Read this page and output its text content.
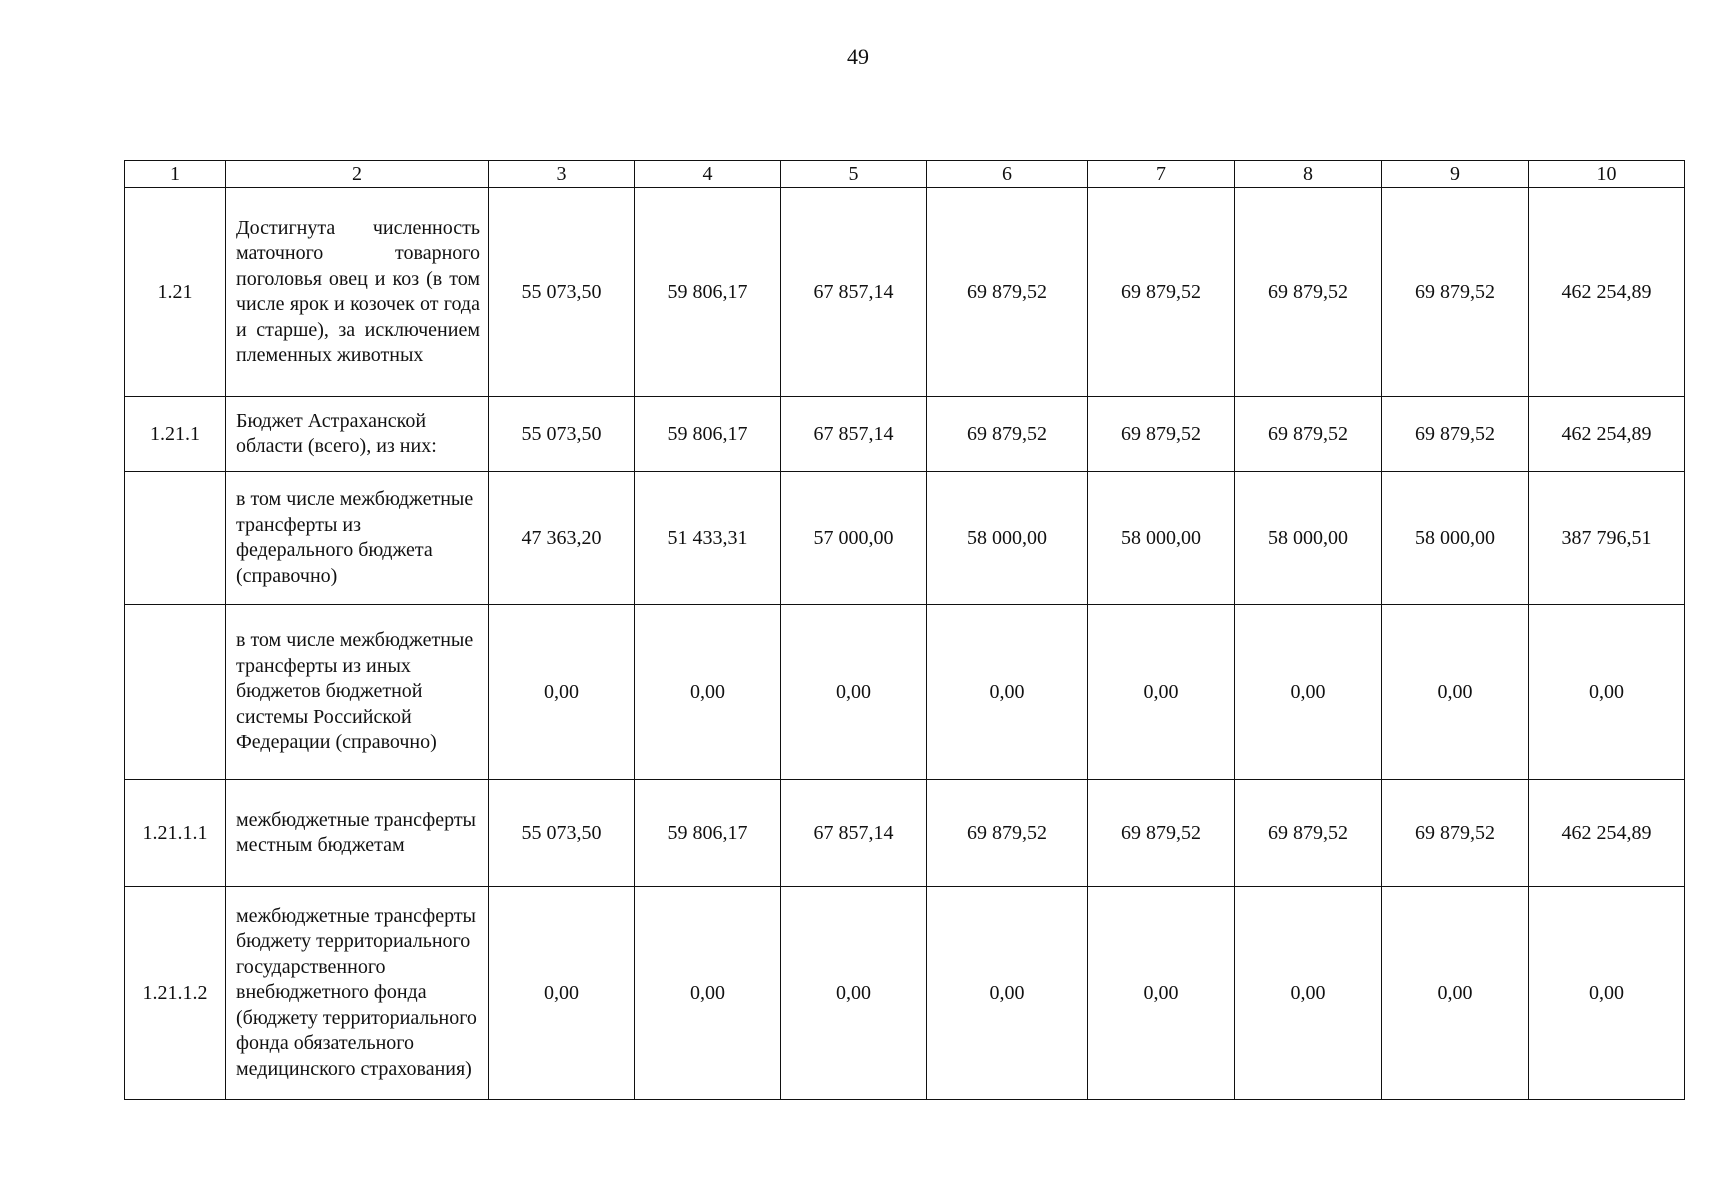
49
1	2	3	4	5	6	7	8	9	10
1.21	Достигнута численность маточного товарного поголовья овец и коз (в том числе ярок и козочек от года и старше), за исключением племенных животных	55 073,50	59 806,17	67 857,14	69 879,52	69 879,52	69 879,52	69 879,52	462 254,89
1.21.1	Бюджет Астраханской области (всего), из них:	55 073,50	59 806,17	67 857,14	69 879,52	69 879,52	69 879,52	69 879,52	462 254,89
	в том числе межбюджетные трансферты из федерального бюджета (справочно)	47 363,20	51 433,31	57 000,00	58 000,00	58 000,00	58 000,00	58 000,00	387 796,51
	в том числе межбюджетные трансферты из иных бюджетов бюджетной системы Российской Федерации (справочно)	0,00	0,00	0,00	0,00	0,00	0,00	0,00	0,00
1.21.1.1	межбюджетные трансферты местным бюджетам	55 073,50	59 806,17	67 857,14	69 879,52	69 879,52	69 879,52	69 879,52	462 254,89
1.21.1.2	межбюджетные трансферты бюджету территориального государственного внебюджетного фонда (бюджету территориального фонда обязательного медицинского страхования)	0,00	0,00	0,00	0,00	0,00	0,00	0,00	0,00
